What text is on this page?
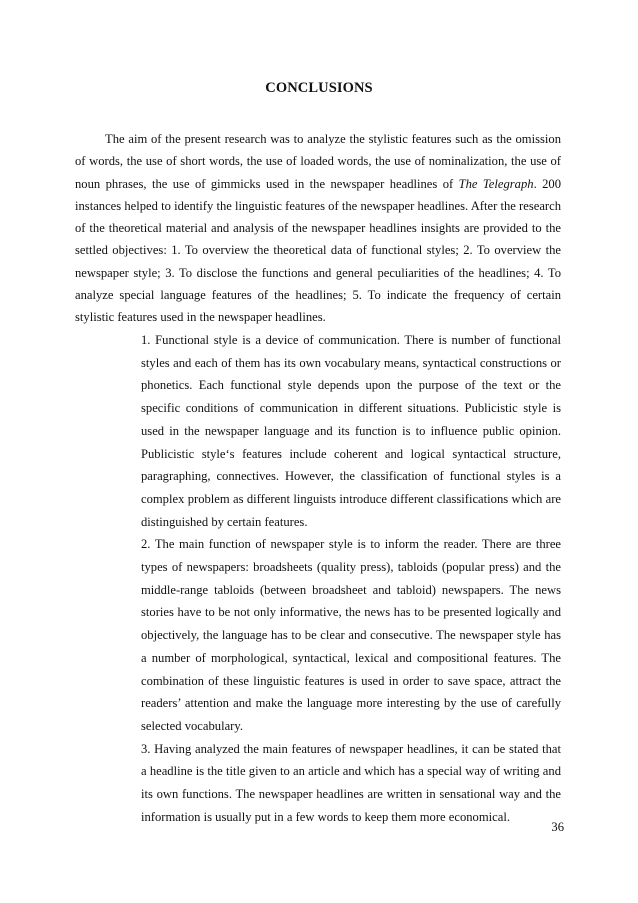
CONCLUSIONS

The aim of the present research was to analyze the stylistic features such as the omission of words, the use of short words, the use of loaded words, the use of nominalization, the use of noun phrases, the use of gimmicks used in the newspaper headlines of The Telegraph. 200 instances helped to identify the linguistic features of the newspaper headlines. After the research of the theoretical material and analysis of the newspaper headlines insights are provided to the settled objectives: 1. To overview the theoretical data of functional styles; 2. To overview the newspaper style; 3. To disclose the functions and general peculiarities of the headlines; 4. To analyze special language features of the headlines; 5. To indicate the frequency of certain stylistic features used in the newspaper headlines.

1. Functional style is a device of communication. There is number of functional styles and each of them has its own vocabulary means, syntactical constructions or phonetics. Each functional style depends upon the purpose of the text or the specific conditions of communication in different situations. Publicistic style is used in the newspaper language and its function is to influence public opinion. Publicistic style‘s features include coherent and logical syntactical structure, paragraphing, connectives. However, the classification of functional styles is a complex problem as different linguists introduce different classifications which are distinguished by certain features.

2. The main function of newspaper style is to inform the reader. There are three types of newspapers: broadsheets (quality press), tabloids (popular press) and the middle-range tabloids (between broadsheet and tabloid) newspapers. The news stories have to be not only informative, the news has to be presented logically and objectively, the language has to be clear and consecutive. The newspaper style has a number of morphological, syntactical, lexical and compositional features. The combination of these linguistic features is used in order to save space, attract the readers’ attention and make the language more interesting by the use of carefully selected vocabulary.

3. Having analyzed the main features of newspaper headlines, it can be stated that a headline is the title given to an article and which has a special way of writing and its own functions. The newspaper headlines are written in sensational way and the information is usually put in a few words to keep them more economical.

36
